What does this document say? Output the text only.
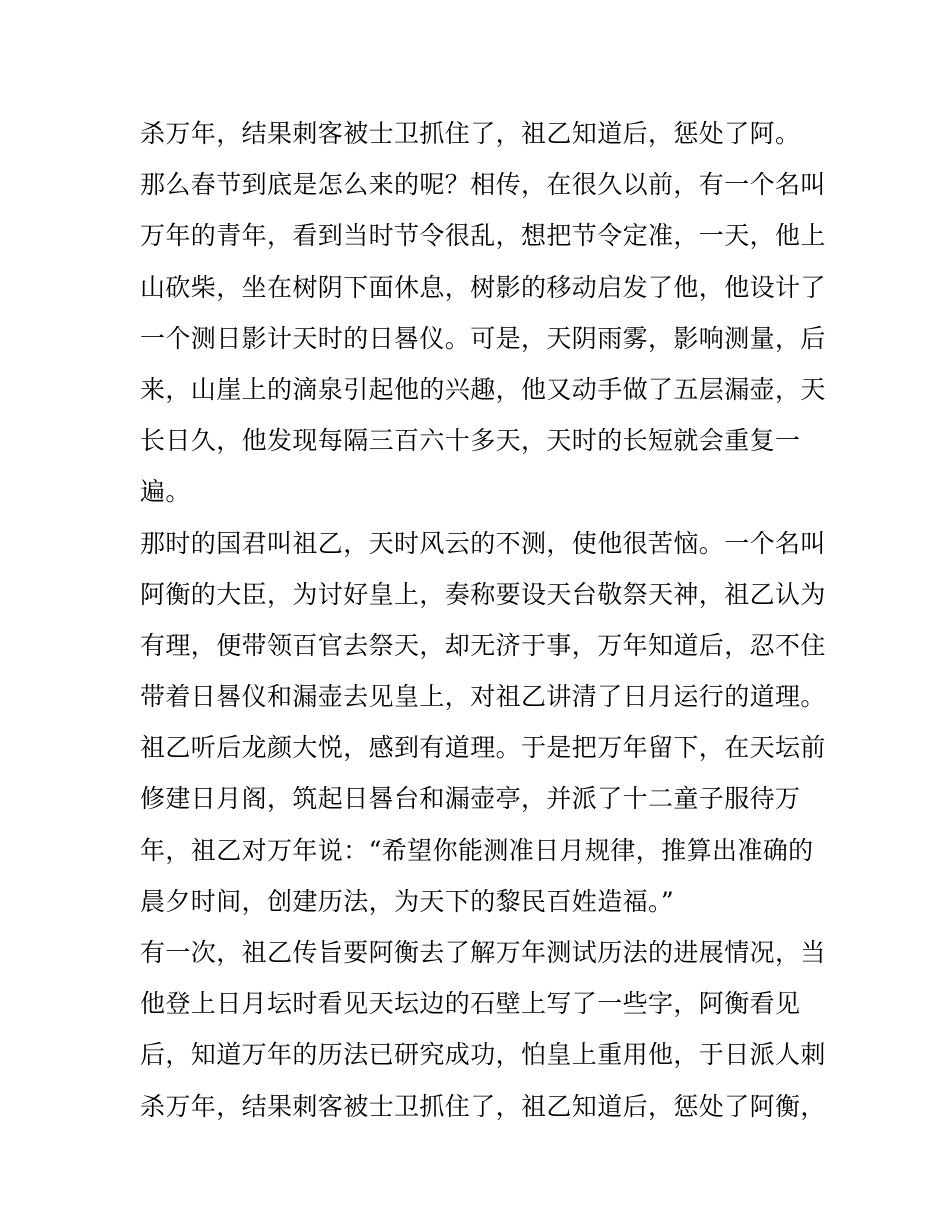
杀万年，结果刺客被士卫抓住了，祖乙知道后，惩处了阿。
那么春节到底是怎么来的呢？相传，在很久以前，有一个名叫
万年的青年，看到当时节令很乱，想把节令定准，一天，他上
山砍柴，坐在树阴下面休息，树影的移动启发了他，他设计了
一个测日影计天时的日晷仪。可是，天阴雨雾，影响测量，后
来，山崖上的滴泉引起他的兴趣，他又动手做了五层漏壶，天
长日久，他发现每隔三百六十多天，天时的长短就会重复一
遍。
那时的国君叫祖乙，天时风云的不测，使他很苦恼。一个名叫
阿衡的大臣，为讨好皇上，奏称要设天台敬祭天神，祖乙认为
有理，便带领百官去祭天，却无济于事，万年知道后，忍不住
带着日晷仪和漏壶去见皇上，对祖乙讲清了日月运行的道理。
祖乙听后龙颜大悦，感到有道理。于是把万年留下，在天坛前
修建日月阁，筑起日晷台和漏壶亭，并派了十二童子服待万
年，祖乙对万年说：“希望你能测准日月规律，推算出准确的
晨夕时间，创建历法，为天下的黎民百姓造福。”
有一次，祖乙传旨要阿衡去了解万年测试历法的进展情况，当
他登上日月坛时看见天坛边的石壁上写了一些字，阿衡看见
后，知道万年的历法已研究成功，怕皇上重用他，于日派人刺
杀万年，结果刺客被士卫抓住了，祖乙知道后，惩处了阿衡，
